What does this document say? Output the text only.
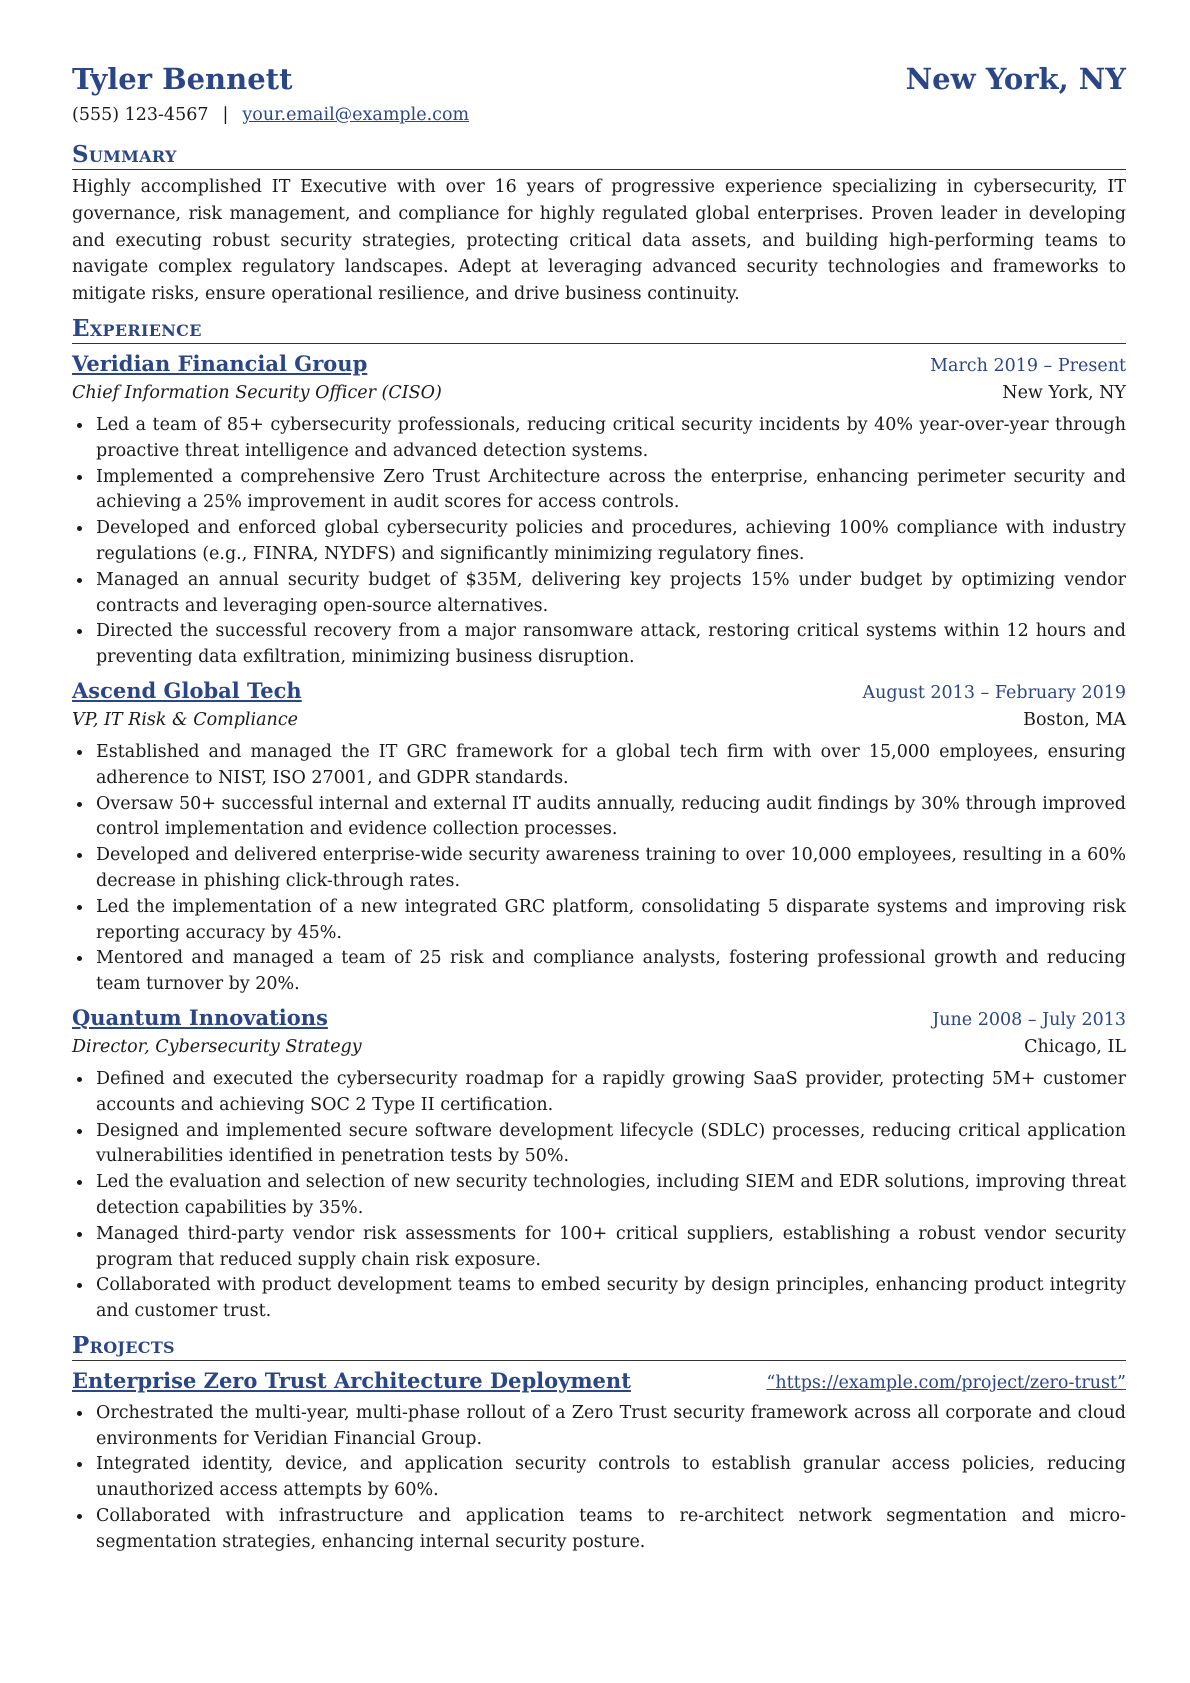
Tyler Bennett	New York, NY
(555) 123-4567 | your.email@example.com
Summary
Highly accomplished IT Executive with over 16 years of progressive experience specializing in cybersecurity, IT governance, risk management, and compliance for highly regulated global enterprises. Proven leader in developing and executing robust security strategies, protecting critical data assets, and building high-performing teams to navigate complex regulatory landscapes. Adept at leveraging advanced security technologies and frameworks to mitigate risks, ensure operational resilience, and drive business continuity.
Experience
Veridian Financial Group	March 2019 – Present
Chief Information Security Officer (CISO)	New York, NY
Led a team of 85+ cybersecurity professionals, reducing critical security incidents by 40% year-over-year through proactive threat intelligence and advanced detection systems.
Implemented a comprehensive Zero Trust Architecture across the enterprise, enhancing perimeter security and achieving a 25% improvement in audit scores for access controls.
Developed and enforced global cybersecurity policies and procedures, achieving 100% compliance with industry regulations (e.g., FINRA, NYDFS) and significantly minimizing regulatory fines.
Managed an annual security budget of $35M, delivering key projects 15% under budget by optimizing vendor contracts and leveraging open-source alternatives.
Directed the successful recovery from a major ransomware attack, restoring critical systems within 12 hours and preventing data exfiltration, minimizing business disruption.
Ascend Global Tech	August 2013 – February 2019
VP, IT Risk & Compliance	Boston, MA
Established and managed the IT GRC framework for a global tech firm with over 15,000 employees, ensuring adherence to NIST, ISO 27001, and GDPR standards.
Oversaw 50+ successful internal and external IT audits annually, reducing audit findings by 30% through improved control implementation and evidence collection processes.
Developed and delivered enterprise-wide security awareness training to over 10,000 employees, resulting in a 60% decrease in phishing click-through rates.
Led the implementation of a new integrated GRC platform, consolidating 5 disparate systems and improving risk reporting accuracy by 45%.
Mentored and managed a team of 25 risk and compliance analysts, fostering professional growth and reducing team turnover by 20%.
Quantum Innovations	June 2008 – July 2013
Director, Cybersecurity Strategy	Chicago, IL
Defined and executed the cybersecurity roadmap for a rapidly growing SaaS provider, protecting 5M+ customer accounts and achieving SOC 2 Type II certification.
Designed and implemented secure software development lifecycle (SDLC) processes, reducing critical application vulnerabilities identified in penetration tests by 50%.
Led the evaluation and selection of new security technologies, including SIEM and EDR solutions, improving threat detection capabilities by 35%.
Managed third-party vendor risk assessments for 100+ critical suppliers, establishing a robust vendor security program that reduced supply chain risk exposure.
Collaborated with product development teams to embed security by design principles, enhancing product integrity and customer trust.
Projects
Enterprise Zero Trust Architecture Deployment	“https://example.com/project/zero-trust”
Orchestrated the multi-year, multi-phase rollout of a Zero Trust security framework across all corporate and cloud environments for Veridian Financial Group.
Integrated identity, device, and application security controls to establish granular access policies, reducing unauthorized access attempts by 60%.
Collaborated with infrastructure and application teams to re-architect network segmentation and micro-segmentation strategies, enhancing internal security posture.
